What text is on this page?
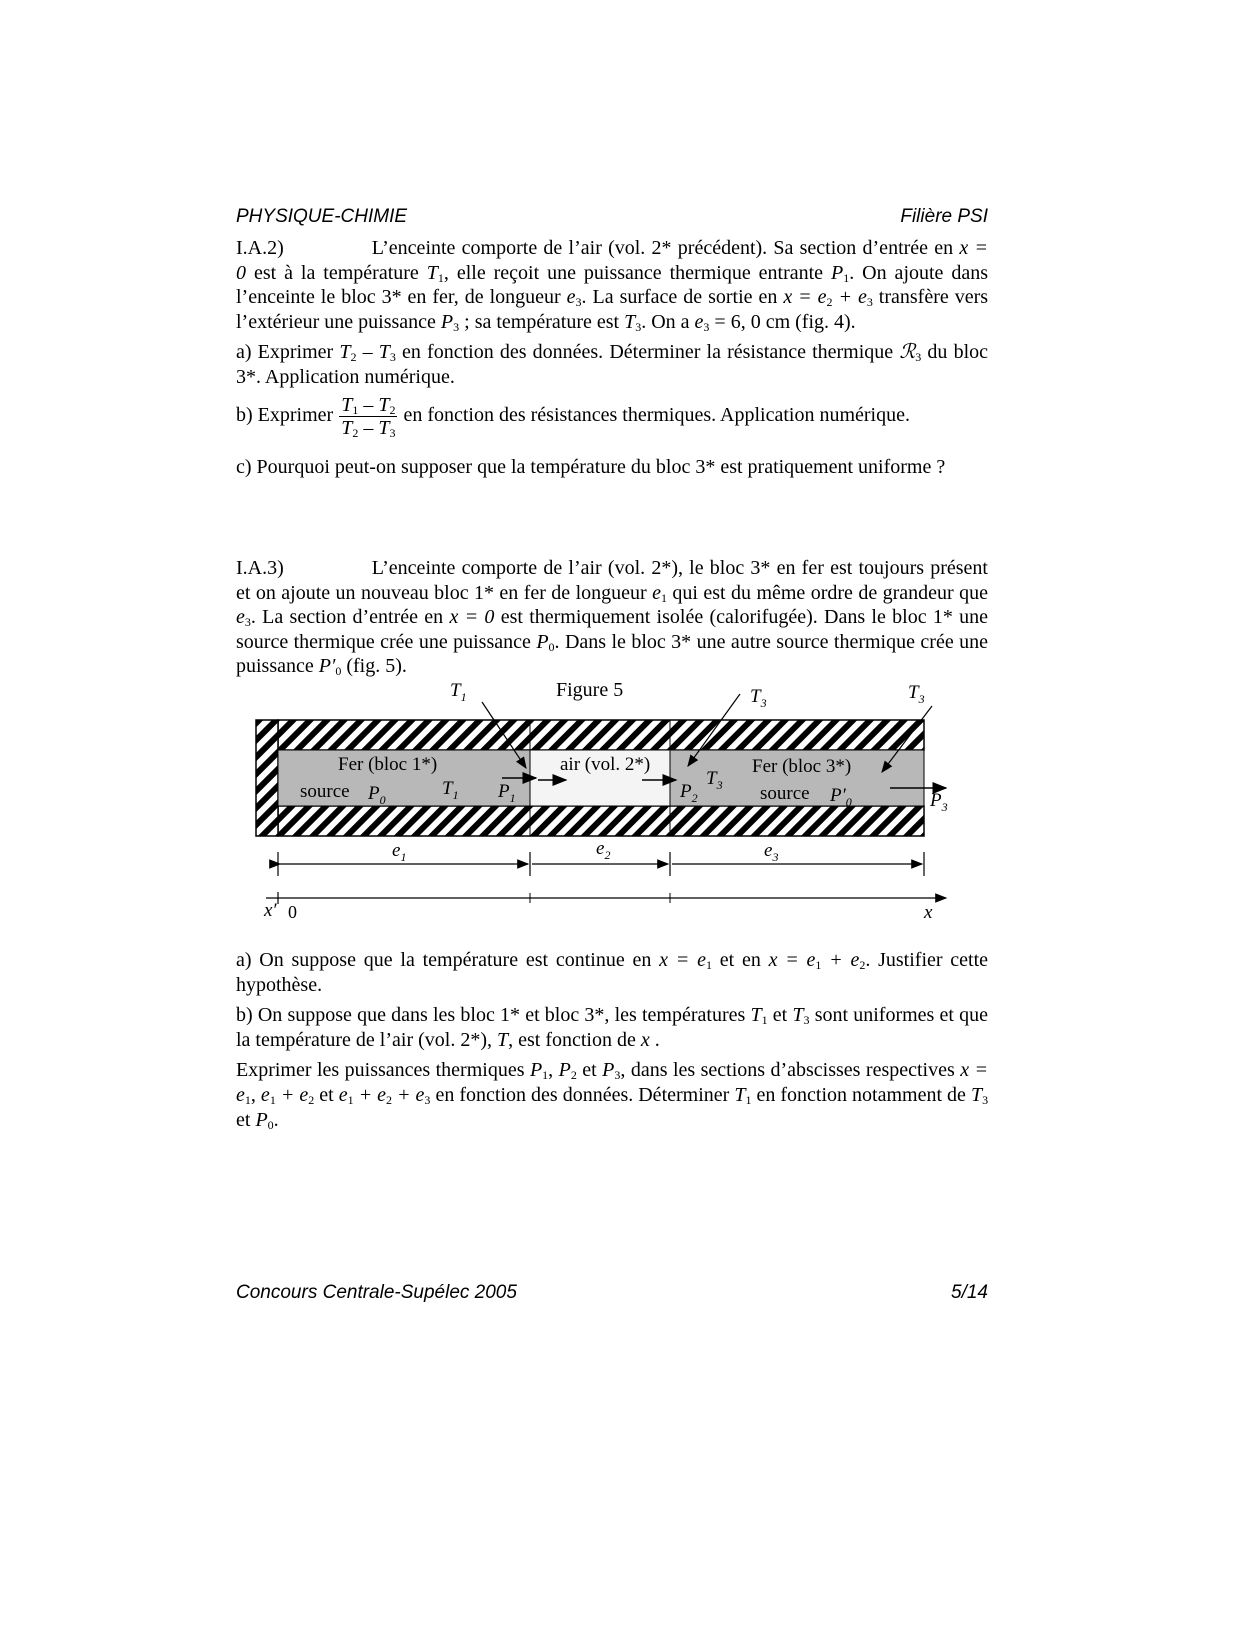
PHYSIQUE-CHIMIE	Filière PSI

I.A.2)	L’enceinte comporte de l’air (vol. 2* précédent). Sa section d’entrée en x = 0 est à la température $T_1$, elle reçoit une puissance thermique entrante $P_1$. On ajoute dans l’enceinte le bloc 3* en fer, de longueur $e_3$. La surface de sortie en $x = e_2 + e_3$ transfère vers l’extérieur une puissance $P_3$ ; sa température est $T_3$. On a $e_3 = 6$, 0 cm (fig. 4).

a) Exprimer $T_2 - T_3$ en fonction des données. Déterminer la résistance thermique ℛ$_3$ du bloc 3*. Application numérique.

b) Exprimer $\frac{T_1 - T_2}{T_2 - T_3}$ en fonction des résistances thermiques. Application numérique.

c) Pourquoi peut-on supposer que la température du bloc 3* est pratiquement uniforme ?

I.A.3)	L’enceinte comporte de l’air (vol. 2*), le bloc 3* en fer est toujours présent et on ajoute un nouveau bloc 1* en fer de longueur $e_1$ qui est du même ordre de grandeur que $e_3$. La section d’entrée en x = 0 est thermiquement isolée (calorifugée). Dans le bloc 1* une source thermique crée une puissance $P_0$. Dans le bloc 3* une autre source thermique crée une puissance $P'_0$ (fig. 5).

Figure 5
Fer (bloc 1*)
source $P_0$
$T_1$ $P_1$
air (vol. 2*)
$P_2$
$T_3$
Fer (bloc 3*)
source $P'_0$	$P_3$
$T_1$	$T_3$	$T_3$
$e_1$	$e_2$	$e_3$
x′ 0	x

a) On suppose que la température est continue en $x = e_1$ et en $x = e_1 + e_2$. Justifier cette hypothèse.

b) On suppose que dans les bloc 1* et bloc 3*, les températures $T_1$ et $T_3$ sont uniformes et que la température de l’air (vol. 2*), T, est fonction de x .

Exprimer les puissances thermiques $P_1$, $P_2$ et $P_3$, dans les sections d’abscisses respectives $x = e_1$, $e_1 + e_2$ et $e_1 + e_2 + e_3$ en fonction des données. Déterminer $T_1$ en fonction notamment de $T_3$ et $P_0$.

Concours Centrale-Supélec 2005	5/14
